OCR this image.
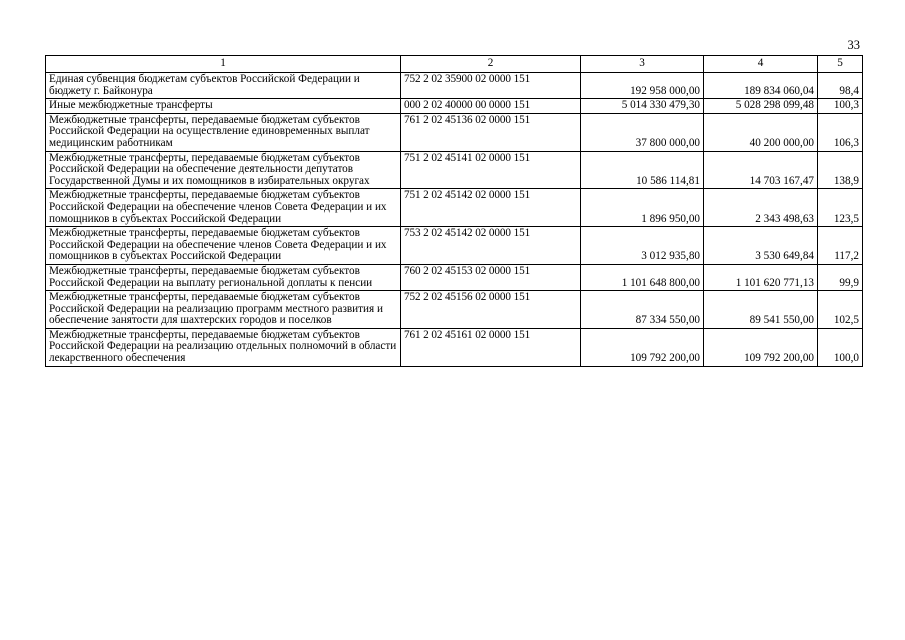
33
1	2	3	4	5
Единая субвенция бюджетам субъектов Российской Федерации и бюджету г. Байконура	752 2 02 35900 02 0000 151	192 958 000,00	189 834 060,04	98,4
Иные межбюджетные трансферты	000 2 02 40000 00 0000 151	5 014 330 479,30	5 028 298 099,48	100,3
Межбюджетные трансферты, передаваемые бюджетам субъектов Российской Федерации на осуществление единовременных выплат медицинским работникам	761 2 02 45136 02 0000 151	37 800 000,00	40 200 000,00	106,3
Межбюджетные трансферты, передаваемые бюджетам субъектов Российской Федерации на обеспечение деятельности депутатов Государственной Думы и их помощников в избирательных округах	751 2 02 45141 02 0000 151	10 586 114,81	14 703 167,47	138,9
Межбюджетные трансферты, передаваемые бюджетам субъектов Российской Федерации на обеспечение членов Совета Федерации и их помощников в субъектах Российской Федерации	751 2 02 45142 02 0000 151	1 896 950,00	2 343 498,63	123,5
Межбюджетные трансферты, передаваемые бюджетам субъектов Российской Федерации на обеспечение членов Совета Федерации и их помощников в субъектах Российской Федерации	753 2 02 45142 02 0000 151	3 012 935,80	3 530 649,84	117,2
Межбюджетные трансферты, передаваемые бюджетам субъектов Российской Федерации на выплату региональной доплаты к пенсии	760 2 02 45153 02 0000 151	1 101 648 800,00	1 101 620 771,13	99,9
Межбюджетные трансферты, передаваемые бюджетам субъектов Российской Федерации на реализацию программ местного развития и обеспечение занятости для шахтерских городов и поселков	752 2 02 45156 02 0000 151	87 334 550,00	89 541 550,00	102,5
Межбюджетные трансферты, передаваемые бюджетам субъектов Российской Федерации на реализацию отдельных полномочий в области лекарственного обеспечения	761 2 02 45161 02 0000 151	109 792 200,00	109 792 200,00	100,0
